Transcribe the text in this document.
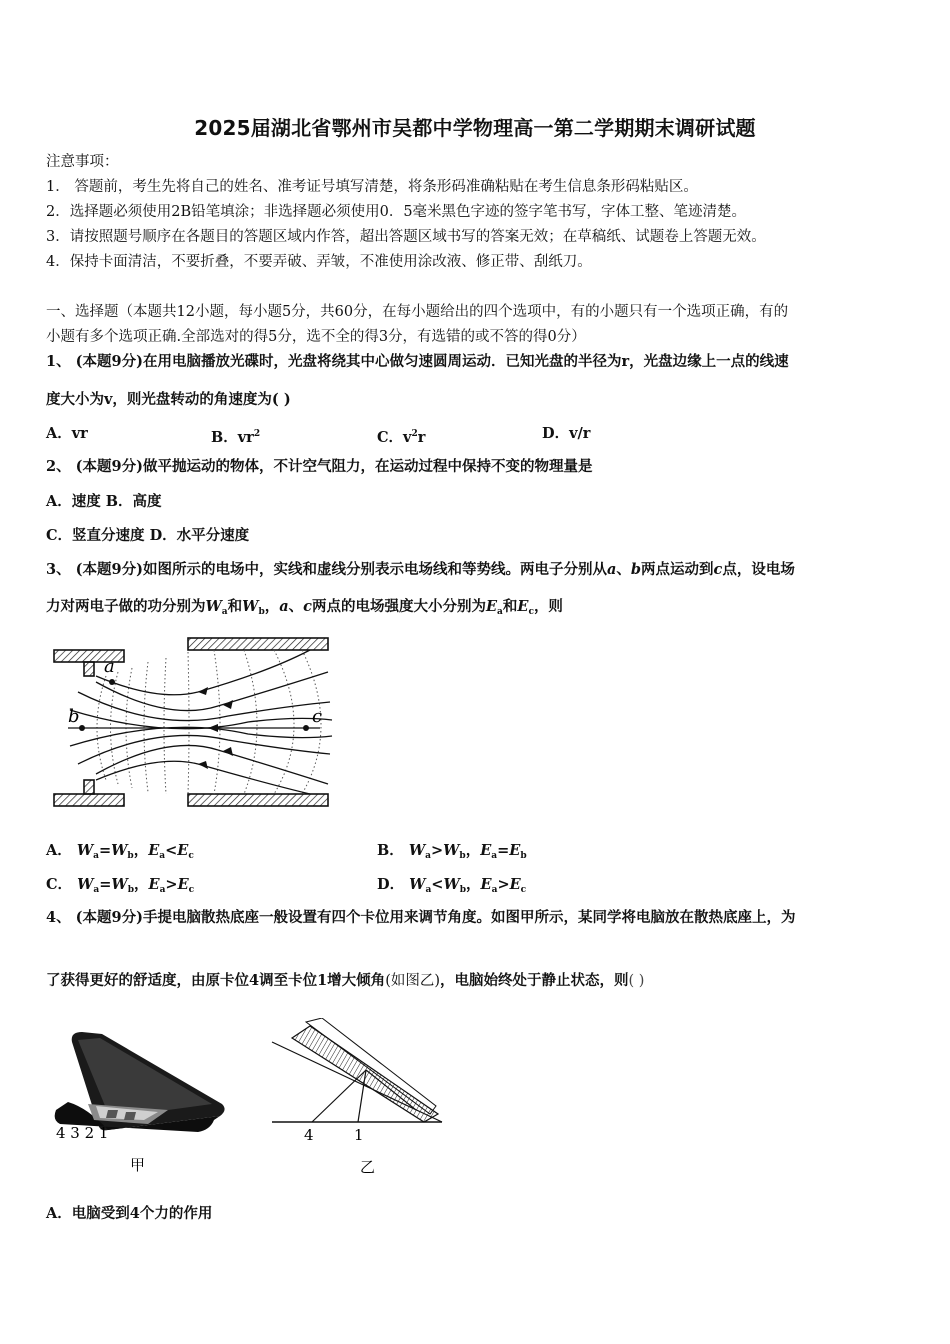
2025届湖北省鄂州市吴都中学物理高一第二学期期末调研试题
注意事项：
1． 答题前，考生先将自己的姓名、准考证号填写清楚，将条形码准确粘贴在考生信息条形码粘贴区。
2．选择题必须使用2B铅笔填涂；非选择题必须使用0．5毫米黑色字迹的签字笔书写，字体工整、笔迹清楚。
3．请按照题号顺序在各题目的答题区域内作答，超出答题区域书写的答案无效；在草稿纸、试题卷上答题无效。
4．保持卡面清洁，不要折叠，不要弄破、弄皱，不准使用涂改液、修正带、刮纸刀。
一、选择题（本题共12小题，每小题5分，共60分，在每小题给出的四个选项中，有的小题只有一个选项正确，有的
小题有多个选项正确.全部选对的得5分，选不全的得3分，有选错的或不答的得0分）
1、 (本题9分)在用电脑播放光碟时，光盘将绕其中心做匀速圆周运动．已知光盘的半径为r，光盘边缘上一点的线速
度大小为v，则光盘转动的角速度为( )
A．vr	B．$vr^2$	C．$v^2r$	D．v/r
2、 (本题9分)做平抛运动的物体，不计空气阻力，在运动过程中保持不变的物理量是
A．速度 B．高度
C．竖直分速度 D．水平分速度
3、 (本题9分)如图所示的电场中，实线和虚线分别表示电场线和等势线。两电子分别从a、b两点运动到c点，设电场
力对两电子做的功分别为$W_a$和$W_b$，a、c两点的电场强度大小分别为$E_a$和$E_c$，则
a
b	c
A． $W_a=W_b$，$E_a<E_c$	B． $W_a>W_b$，$E_a=E_b$
C． $W_a=W_b$，$E_a>E_c$	D． $W_a<W_b$，$E_a>E_c$
4、 (本题9分)手提电脑散热底座一般设置有四个卡位用来调节角度。如图甲所示，某同学将电脑放在散热底座上，为
了获得更好的舒适度，由原卡位4调至卡位1增大倾角(如图乙)，电脑始终处于静止状态，则( )
4 3 2 1
甲
4	1
乙
A．电脑受到4个力的作用
